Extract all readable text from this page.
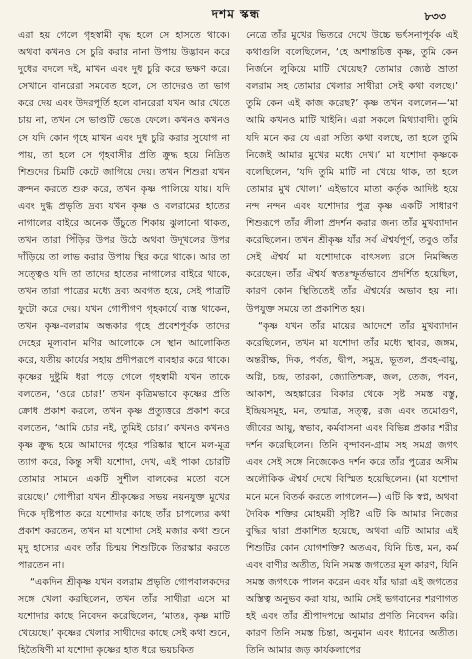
দশম স্কন্ধ	৮৩৩

এরা হয় গেলে গৃহস্বামী বৃদ্ধ হলে সে হাসতে থাকে। অথবা কখনও সে চুরি করার নানা উপায় উদ্ভাবন করে দুধের বদলে দই, মাখন এবং দুধ চুরি করে ভক্ষণ করে। সেখানে বানরেরা সমবেত হলে, সে তাদেরও তা ভাগ করে দেয় এবং উদরপূর্তি হলে বানরেরা যখন আর খেতে চায় না, তখন সে ভাণ্ডটি ভেঙে ফেলে। কখনও কখনও সে যদি কোন গৃহে মাখন এবং দুধ চুরি করার সুযোগ না পায়, তা হলে সে গৃহবাসীর প্রতি ক্রুদ্ধ হয়ে নিদ্রিত শিশুদের চিমটি কেটে জাগিয়ে দেয়। তখন শিশুরা যখন ক্রন্দন করতে শুরু করে, তখন কৃষ্ণ পালিয়ে যায়। যদি এবং দুগ্ধ প্রভৃতি দ্রব্য যখন কৃষ্ণ ও বলরামের হাতের নাগালের বাইরে অনেক উঁচুতে শিকায় ঝুলানো থাকত, তখন তারা পিঁড়ির উপর উঠে অথবা উদূখলের উপর দাঁড়িয়ে তা লাভ করার উপায় স্থির করে থাকে। আর তা সত্ত্বেও যদি তা তাদের হাতের নাগালের বাইরে থাকে, তখন তারা পাত্রের মধ্যে দ্রব্য অবগত হয়ে, সেই পাত্রটি ফুটো করে দেয়। যখন গোপীগণ গৃহকার্যে ব্যস্ত থাকেন, তখন কৃষ্ণ-বলরাম অন্ধকার গৃহে প্রবেশপূর্বক তাদের দেহের মূল্যবান মণির আলোকে সে স্থান আলোকিত করে, যতীয় কার্যের সহায় প্রদীপরূপে ব্যবহার করে থাকে। কৃষ্ণের দুষ্টুমি ধরা পড়ে গেলে গৃহস্বামী যখন তাকে বলতেন, ‘ওরে চোর!’ তখন কৃত্রিমভাবে কৃষ্ণের প্রতি ক্রোধ প্রকাশ করলে, তখন কৃষ্ণ প্রত্যুত্তরে প্রকাশ করে বলতেন, ‘আমি চোর নই, তুমিই চোর।’ কখনও কখনও কৃষ্ণ ক্রুদ্ধ হয়ে আমাদের গৃহের পরিষ্কার স্থানে মল-মূত্র ত্যাগ করে, কিন্তু সখী যশোদা, দেখ, এই পাকা চোরটি তোমার সামনে একটি সুশীল বালকের মতো বসে রয়েছে।’ গোপীরা যখন শ্রীকৃষ্ণের সভয় নয়নযুক্ত মুখের দিকে দৃষ্টিপাত করে যশোদার কাছে তাঁর চাপল্যের কথা প্রকাশ করতেন, তখন মা যশোদা সেই মজার কথা শুনে মৃদু হাস্যের এবং তাঁর চিন্ময় শিশুটিকে তিরস্কার করতে পারতেন না।

“একদিন শ্রীকৃষ্ণ যখন বলরাম প্রভৃতি গোপবালকদের সঙ্গে খেলা করছিলেন, তখন তাঁর সাথীরা এসে মা যশোদার কাছে নিবেদন করেছিলেন, ‘মাতঃ, কৃষ্ণ মাটি খেয়েছে।’ কৃষ্ণের খেলার সাথীদের কাছে সেই কথা শুনে, হিতৈষিণী মা যশোদা কৃষ্ণের হাত ধরে ভয়চকিত

নেত্রে তাঁর মুখের ভিতরে দেখে উচ্চে ভর্ৎসনাপূর্বক এই কথাগুলি বলেছিলেন, ‘হে অশান্তচিত্ত কৃষ্ণ, তুমি কেন নির্জনে লুকিয়ে মাটি খেয়েছ? তোমার জ্যেষ্ঠ ভ্রাতা বলরাম সহ তোমার খেলার সাথীরা সেই কথা বলছে।’ তুমি কেন এই কাজ করেছ?’ কৃষ্ণ তখন বললেন—‘মা আমি কখনও মাটি খাইনি। এরা সকলে মিথ্যাবাদী। তুমি যদি মনে কর যে এরা সত্যি কথা বলছে, তা হলে তুমি নিজেই আমার মুখের মধ্যে দেখ।’ মা যশোদা কৃষ্ণকে বলেছিলেন, ‘যদি তুমি মাটি না খেয়ে থাক, তা হলে তোমার মুখ খোল।’ এইভাবে মাতা কর্তৃক আদিষ্ট হয়ে নন্দ নন্দন এবং যশোদার পুত্র কৃষ্ণ একটি সাধারণ শিশুরূপে তাঁর লীলা প্রদর্শন করার জন্য তাঁর মুখব্যাদান করেছিলেন। তখন শ্রীকৃষ্ণ যাঁর সর্ব ঐশ্বর্যপূর্ণ, তবুও তাঁর সেই ঐশ্বর্য মা যশোদাকে বাৎসল্য রসে নিমজ্জিত করেছেন। তাঁর ঐশ্বর্য স্বতঃস্ফূর্তভাবে প্রদর্শিত হয়েছিল, কারণ কোন স্থিতিতেই তাঁর ঐশ্বর্যের অভাব হয় না। উপযুক্ত সময়ে তা প্রকাশিত হয়।

“কৃষ্ণ যখন তাঁর মায়ের আদেশে তাঁর মুখব্যাদান করেছিলেন, তখন মা যশোদা তাঁর মধ্যে স্থাবর, জঙ্গম, অন্তরীক্ষ, দিক, পর্বত, দ্বীপ, সমুদ্র, ভূতল, প্রবহ-বায়ু, অগ্নি, চন্দ্র, তারকা, জ্যোতিশ্চক্র, জল, তেজ, পবন, আকাশ, অহঙ্কারের বিকার থেকে সৃষ্ট সমস্ত বস্তু, ইন্দ্রিয়সমূহ, মন, তন্মাত্র, সত্ত্ব, রজ এবং তমোগুণ, জীবের আয়ু, স্বভাব, কর্মবাসনা এবং বিভিন্ন প্রকার শরীর দর্শন করেছিলেন। তিনি বৃন্দাবন-গ্রাম সহ সমগ্র জগৎ এবং সেই সঙ্গে নিজেকেও দর্শন করে তাঁর পুত্রের অসীম অলৌকিক ঐশ্বর্য দেখে বিস্মিত হয়েছিলেন। (মা যশোদা মনে মনে বিতর্ক করতে লাগলেন—) এটি কি স্বপ্ন, অথবা দৈবিক শক্তির মোহময়ী সৃষ্টি? এটি কি আমার নিজের বুদ্ধির দ্বারা প্রকাশিত হয়েছে, অথবা এটি আমার এই শিশুটির কোন যোগশক্তি? অতএব, যিনি চিত্ত, মন, কর্ম এবং বাণীর অতীত, যিনি সমস্ত জগতের মূল কারণ, যিনি সমস্ত জগৎকে পালন করেন এবং যাঁর দ্বারা এই জগতের অস্তিত্ব অনুভব করা যায়, আমি সেই ভগবানের শরণাগত হই এবং তাঁর শ্রীপাদপদ্মে আমার প্রণতি নিবেদন করি। কারণ তিনি সমস্ত চিন্তা, অনুমান এবং ধ্যানের অতীত। তিনি আমার জড় কার্যকলাপের
